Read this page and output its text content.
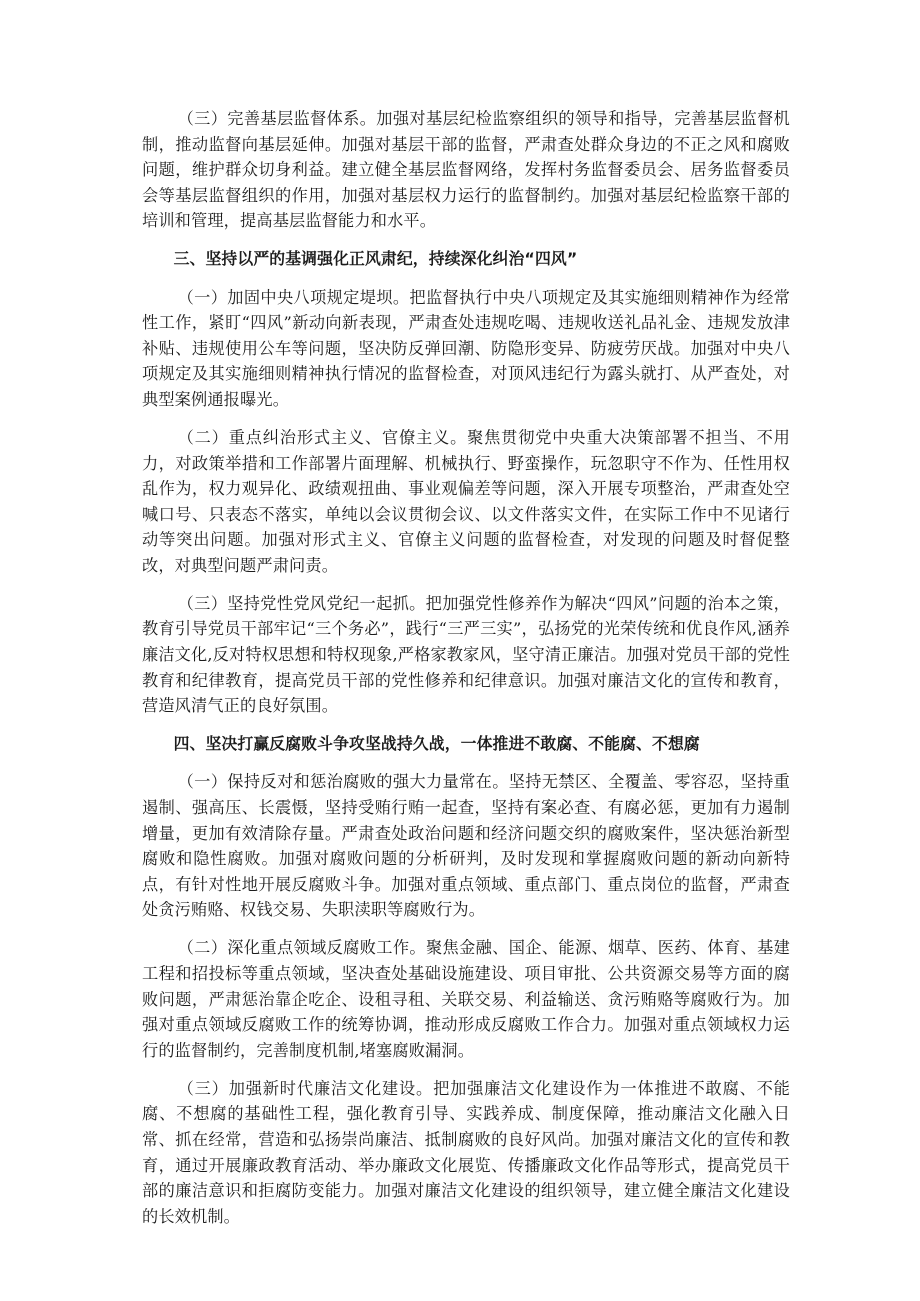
（三）完善基层监督体系。加强对基层纪检监察组织的领导和指导，完善基层监督机制，推动监督向基层延伸。加强对基层干部的监督，严肃查处群众身边的不正之风和腐败问题，维护群众切身利益。建立健全基层监督网络，发挥村务监督委员会、居务监督委员会等基层监督组织的作用，加强对基层权力运行的监督制约。加强对基层纪检监察干部的培训和管理，提高基层监督能力和水平。

三、坚持以严的基调强化正风肃纪，持续深化纠治“四风”

（一）加固中央八项规定堤坝。把监督执行中央八项规定及其实施细则精神作为经常性工作，紧盯“四风”新动向新表现，严肃查处违规吃喝、违规收送礼品礼金、违规发放津补贴、违规使用公车等问题，坚决防反弹回潮、防隐形变异、防疲劳厌战。加强对中央八项规定及其实施细则精神执行情况的监督检查，对顶风违纪行为露头就打、从严查处，对典型案例通报曝光。

（二）重点纠治形式主义、官僚主义。聚焦贯彻党中央重大决策部署不担当、不用力，对政策举措和工作部署片面理解、机械执行、野蛮操作，玩忽职守不作为、任性用权乱作为，权力观异化、政绩观扭曲、事业观偏差等问题，深入开展专项整治，严肃查处空喊口号、只表态不落实，单纯以会议贯彻会议、以文件落实文件，在实际工作中不见诸行动等突出问题。加强对形式主义、官僚主义问题的监督检查，对发现的问题及时督促整改，对典型问题严肃问责。

（三）坚持党性党风党纪一起抓。把加强党性修养作为解决“四风”问题的治本之策，教育引导党员干部牢记“三个务必”，践行“三严三实”，弘扬党的光荣传统和优良作风,涵养廉洁文化,反对特权思想和特权现象,严格家教家风，坚守清正廉洁。加强对党员干部的党性教育和纪律教育，提高党员干部的党性修养和纪律意识。加强对廉洁文化的宣传和教育，营造风清气正的良好氛围。

四、坚决打赢反腐败斗争攻坚战持久战，一体推进不敢腐、不能腐、不想腐

（一）保持反对和惩治腐败的强大力量常在。坚持无禁区、全覆盖、零容忍，坚持重遏制、强高压、长震慑，坚持受贿行贿一起查，坚持有案必查、有腐必惩，更加有力遏制增量，更加有效清除存量。严肃查处政治问题和经济问题交织的腐败案件，坚决惩治新型腐败和隐性腐败。加强对腐败问题的分析研判，及时发现和掌握腐败问题的新动向新特点，有针对性地开展反腐败斗争。加强对重点领域、重点部门、重点岗位的监督，严肃查处贪污贿赂、权钱交易、失职渎职等腐败行为。

（二）深化重点领域反腐败工作。聚焦金融、国企、能源、烟草、医药、体育、基建工程和招投标等重点领域，坚决查处基础设施建设、项目审批、公共资源交易等方面的腐败问题，严肃惩治靠企吃企、设租寻租、关联交易、利益输送、贪污贿赂等腐败行为。加强对重点领域反腐败工作的统筹协调，推动形成反腐败工作合力。加强对重点领域权力运行的监督制约，完善制度机制,堵塞腐败漏洞。

（三）加强新时代廉洁文化建设。把加强廉洁文化建设作为一体推进不敢腐、不能腐、不想腐的基础性工程，强化教育引导、实践养成、制度保障，推动廉洁文化融入日常、抓在经常，营造和弘扬崇尚廉洁、抵制腐败的良好风尚。加强对廉洁文化的宣传和教育，通过开展廉政教育活动、举办廉政文化展览、传播廉政文化作品等形式，提高党员干部的廉洁意识和拒腐防变能力。加强对廉洁文化建设的组织领导，建立健全廉洁文化建设的长效机制。
